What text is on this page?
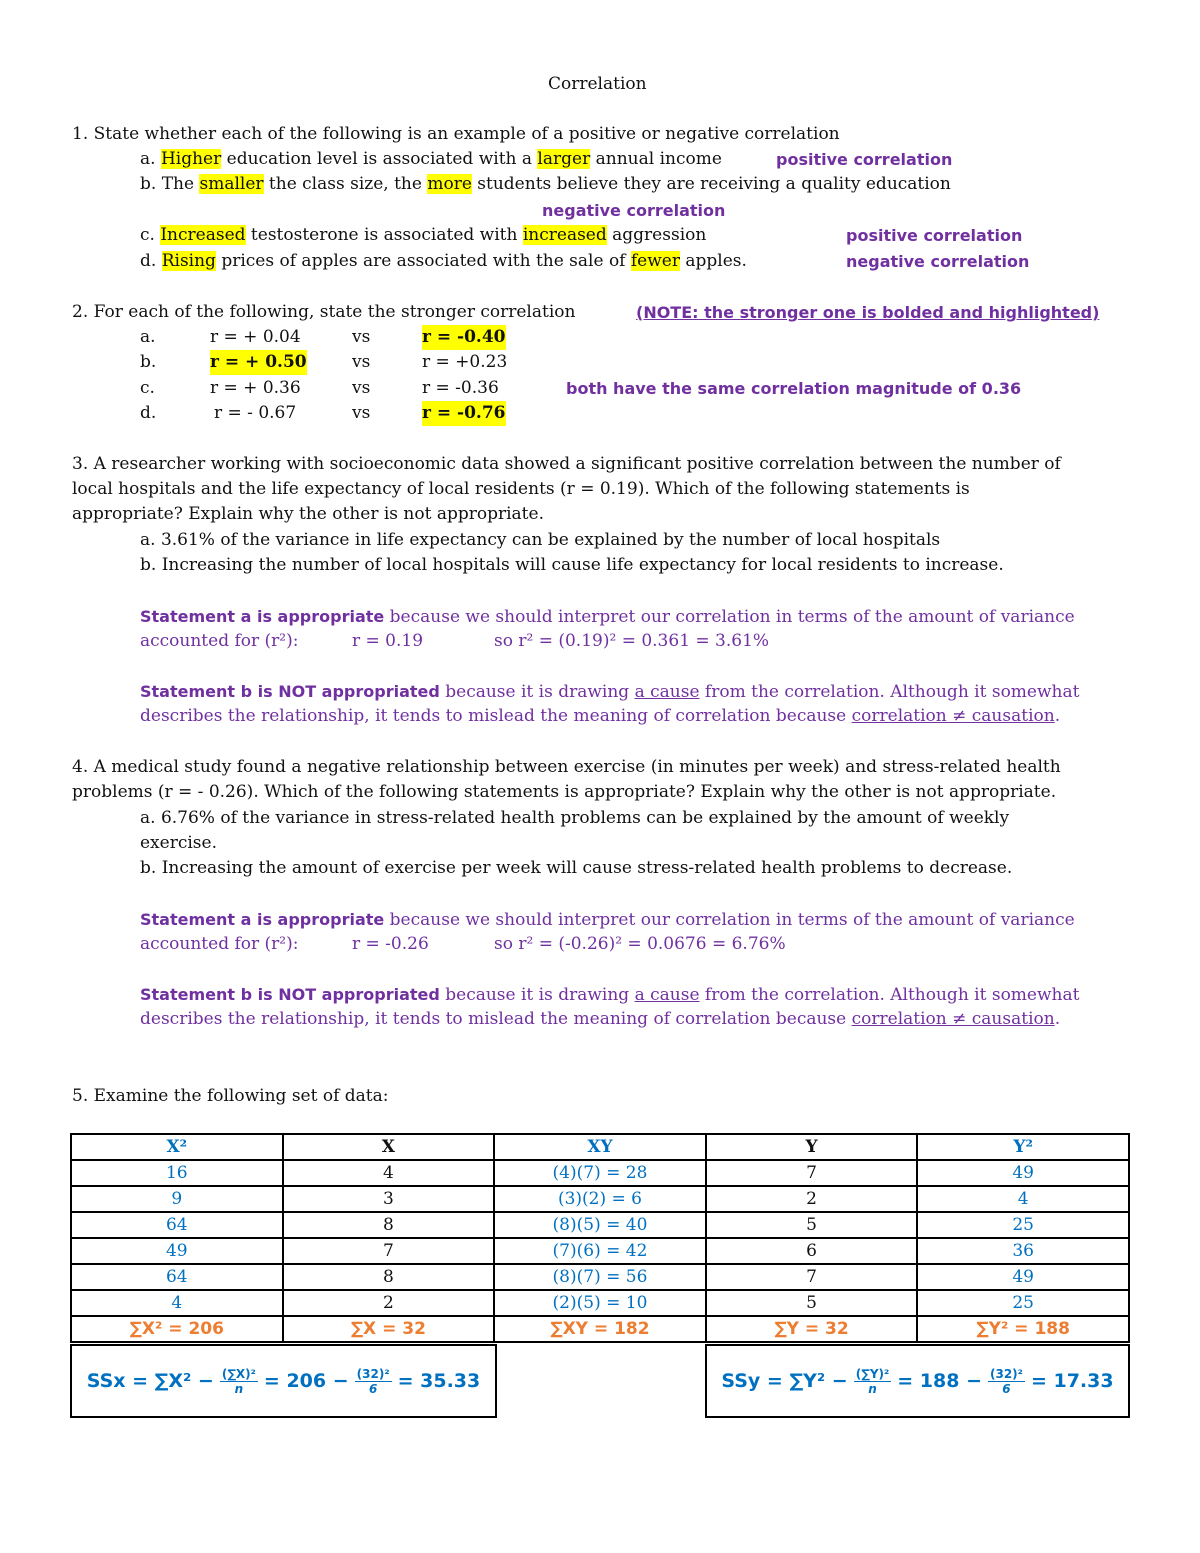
Correlation
1. State whether each of the following is an example of a positive or negative correlation
a. Higher education level is associated with a larger annual income	positive correlation
b. The smaller the class size, the more students believe they are receiving a quality education
negative correlation
c. Increased testosterone is associated with increased aggression	positive correlation
d. Rising prices of apples are associated with the sale of fewer apples.	negative correlation
2. For each of the following, state the stronger correlation	(NOTE: the stronger one is bolded and highlighted)
a.	r = + 0.04	vs	r = -0.40
b.	r = + 0.50	vs	r = +0.23
c.	r = + 0.36	vs	r = -0.36	both have the same correlation magnitude of 0.36
d.	r = - 0.67	vs	r = -0.76
3. A researcher working with socioeconomic data showed a significant positive correlation between the number of
local hospitals and the life expectancy of local residents (r = 0.19). Which of the following statements is
appropriate? Explain why the other is not appropriate.
a. 3.61% of the variance in life expectancy can be explained by the number of local hospitals
b. Increasing the number of local hospitals will cause life expectancy for local residents to increase.
Statement a is appropriate because we should interpret our correlation in terms of the amount of variance
accounted for (r²):	r = 0.19	so r² = (0.19)² = 0.361 = 3.61%
Statement b is NOT appropriated because it is drawing a cause from the correlation. Although it somewhat
describes the relationship, it tends to mislead the meaning of correlation because correlation ≠ causation.
4. A medical study found a negative relationship between exercise (in minutes per week) and stress-related health
problems (r = - 0.26). Which of the following statements is appropriate? Explain why the other is not appropriate.
a. 6.76% of the variance in stress-related health problems can be explained by the amount of weekly
exercise.
b. Increasing the amount of exercise per week will cause stress-related health problems to decrease.
Statement a is appropriate because we should interpret our correlation in terms of the amount of variance
accounted for (r²):	r = -0.26	so r² = (-0.26)² = 0.0676 = 6.76%
Statement b is NOT appropriated because it is drawing a cause from the correlation. Although it somewhat
describes the relationship, it tends to mislead the meaning of correlation because correlation ≠ causation.
5. Examine the following set of data:
X²	X	XY	Y	Y²
16	4	(4)(7) = 28	7	49
9	3	(3)(2) = 6	2	4
64	8	(8)(5) = 40	5	25
49	7	(7)(6) = 42	6	36
64	8	(8)(7) = 56	7	49
4	2	(2)(5) = 10	5	25
∑X² = 206	∑X = 32	∑XY = 182	∑Y = 32	∑Y² = 188
SSx = $\sum X^2 - \frac{\text{(∑X)²}}{n} = 206 - \frac{\text{(32)²}}{6} = 35.33$	SSy = $\sum Y^2 - \frac{\text{(∑Y)²}}{n} = 188 - \frac{\text{(32)²}}{6} = 17.33$
